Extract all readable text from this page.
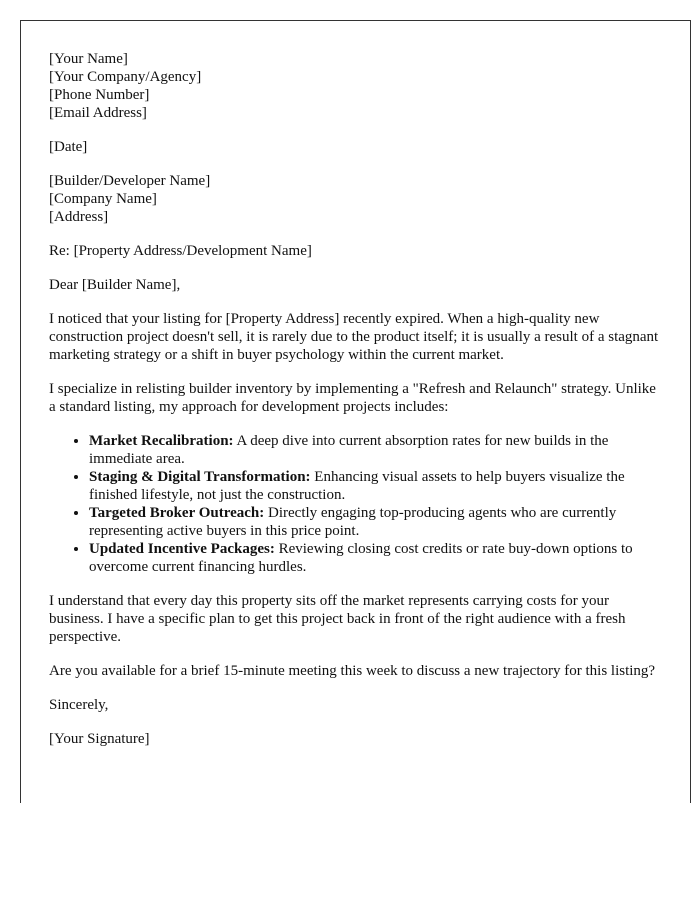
[Your Name]
[Your Company/Agency]
[Phone Number]
[Email Address]

[Date]

[Builder/Developer Name]
[Company Name]
[Address]

Re: [Property Address/Development Name]

Dear [Builder Name],

I noticed that your listing for [Property Address] recently expired. When a high-quality new construction project doesn't sell, it is rarely due to the product itself; it is usually a result of a stagnant marketing strategy or a shift in buyer psychology within the current market.

I specialize in relisting builder inventory by implementing a "Refresh and Relaunch" strategy. Unlike a standard listing, my approach for development projects includes:

• Market Recalibration: A deep dive into current absorption rates for new builds in the immediate area.
• Staging & Digital Transformation: Enhancing visual assets to help buyers visualize the finished lifestyle, not just the construction.
• Targeted Broker Outreach: Directly engaging top-producing agents who are currently representing active buyers in this price point.
• Updated Incentive Packages: Reviewing closing cost credits or rate buy-down options to overcome current financing hurdles.

I understand that every day this property sits off the market represents carrying costs for your business. I have a specific plan to get this project back in front of the right audience with a fresh perspective.

Are you available for a brief 15-minute meeting this week to discuss a new trajectory for this listing?

Sincerely,

[Your Signature]
